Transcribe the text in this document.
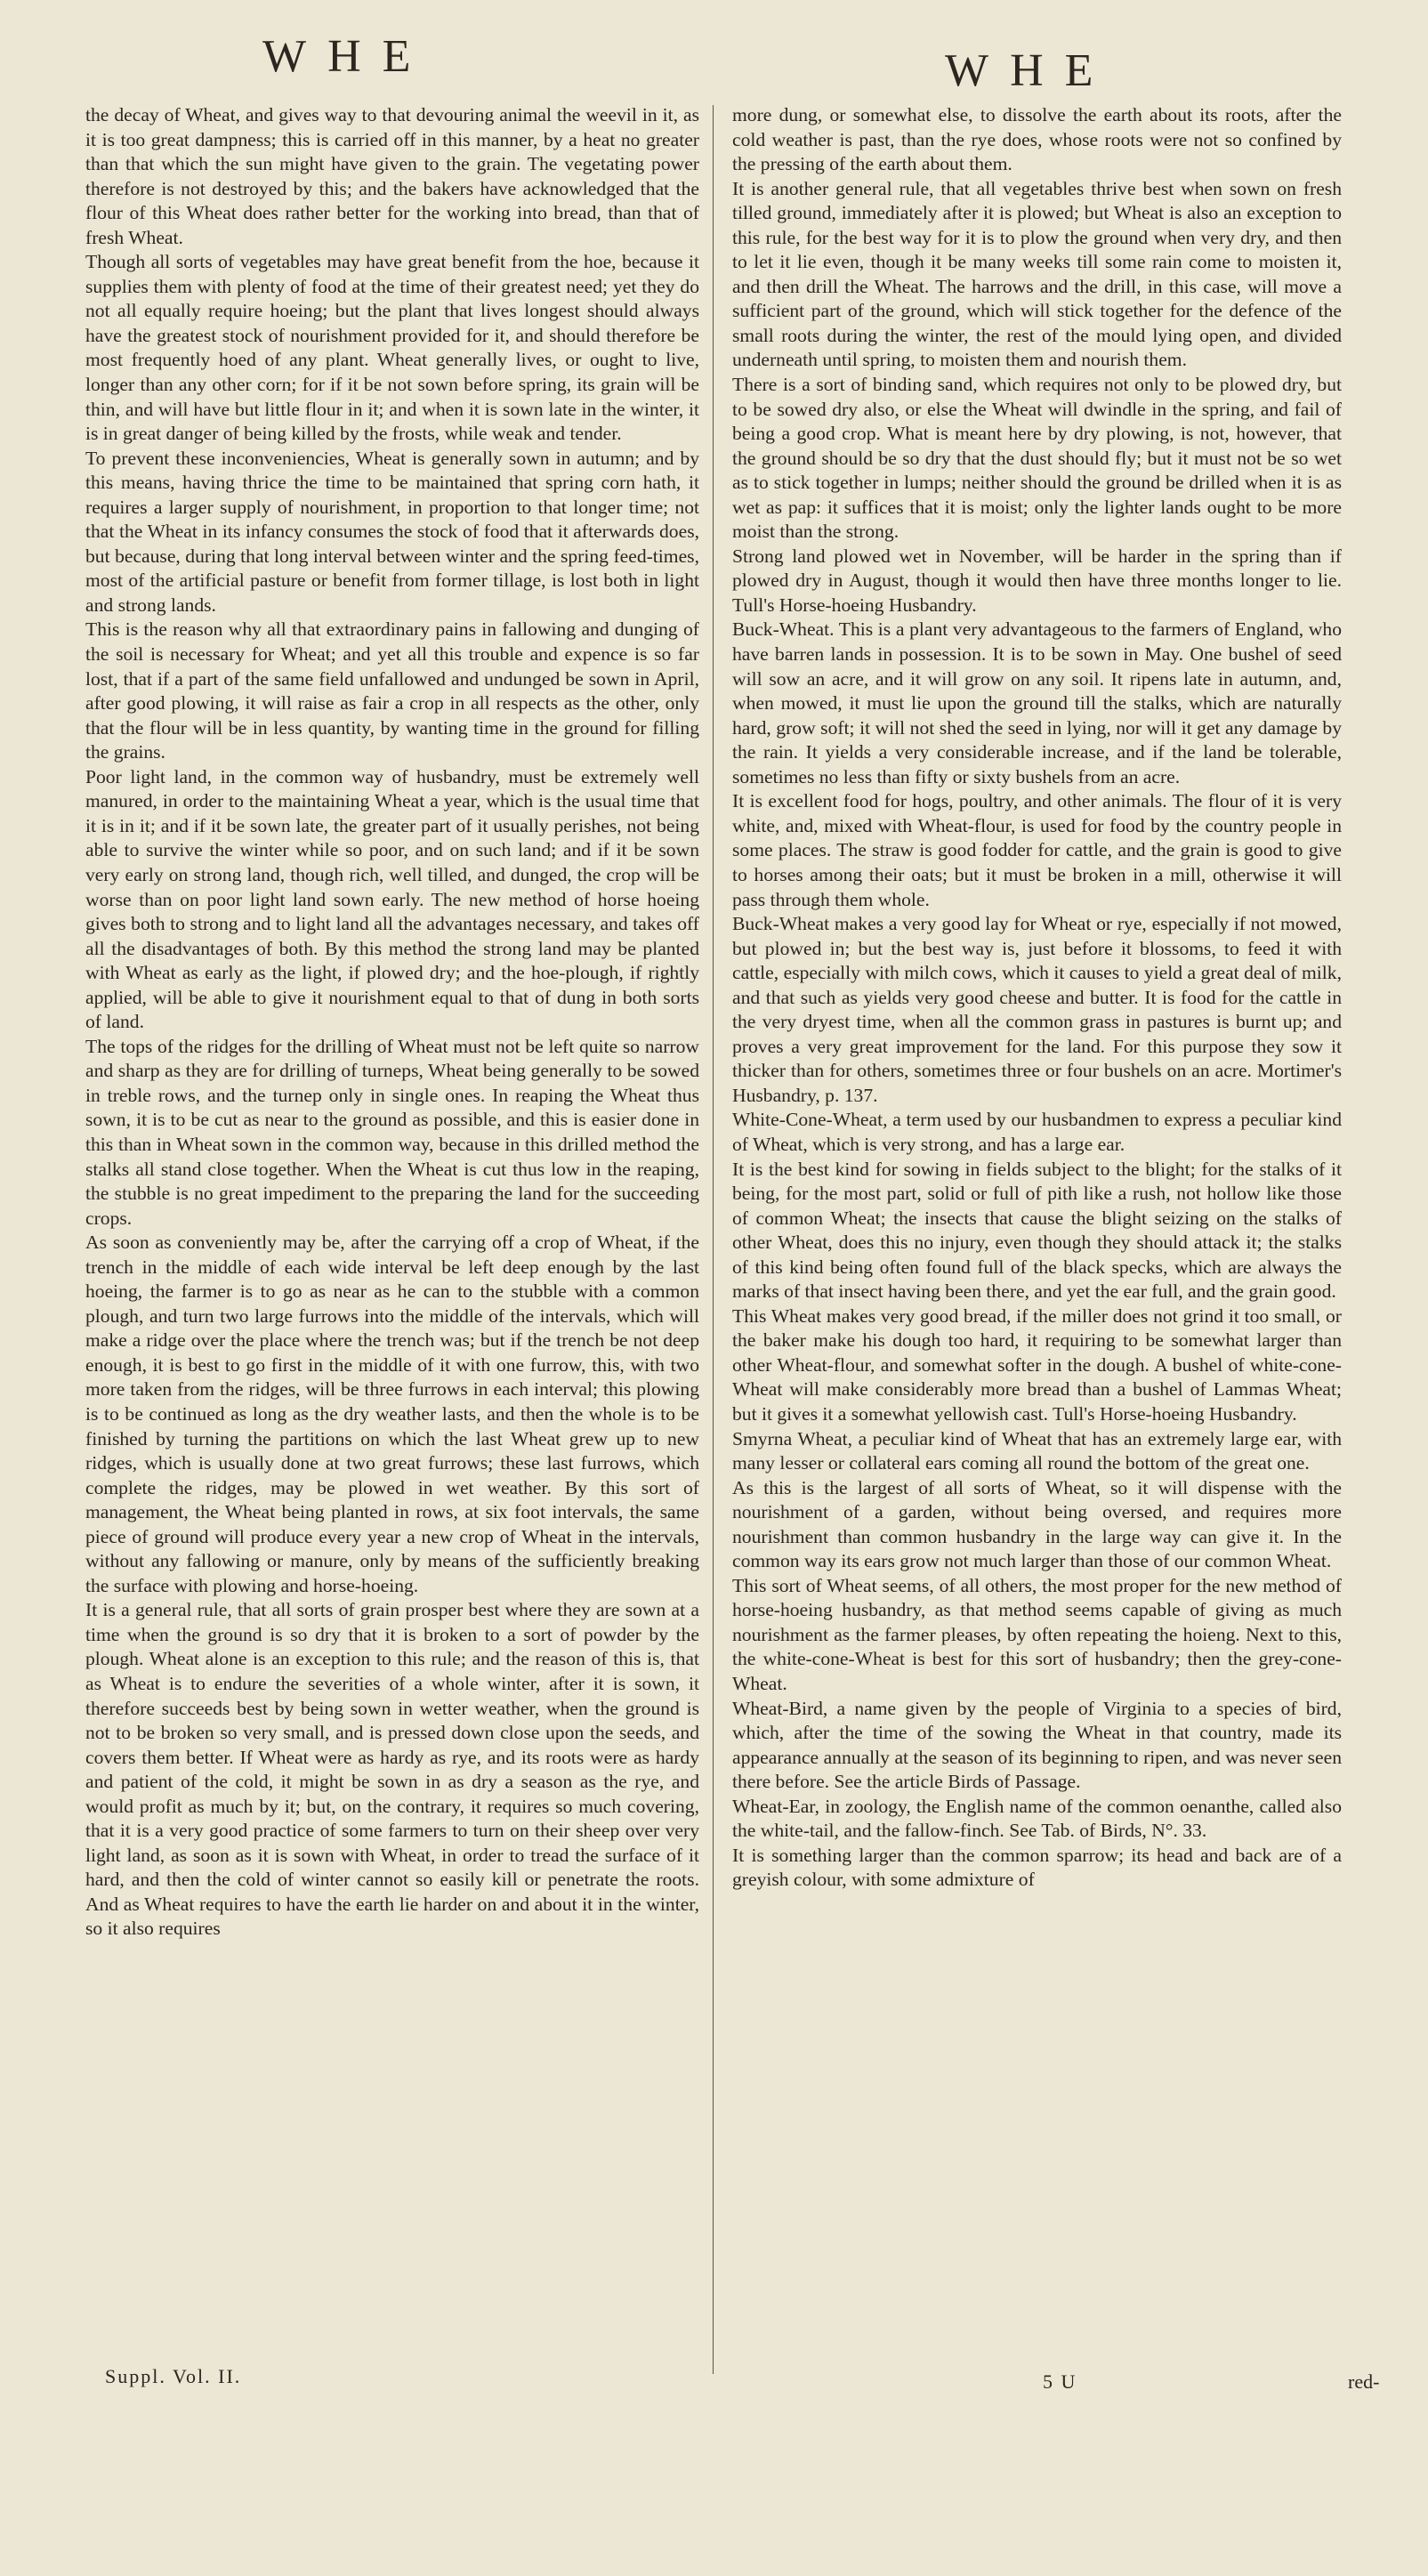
WHE	WHE

the decay of Wheat, and gives way to that devouring animal the weevil in it, as it is too great dampness; this is carried off in this manner, by a heat no greater than that which the sun might have given to the grain. The vegetating power therefore is not destroyed by this; and the bakers have acknowledged that the flour of this Wheat does rather better for the working into bread, than that of fresh Wheat.

Though all sorts of vegetables may have great benefit from the hoe, because it supplies them with plenty of food at the time of their greatest need; yet they do not all equally require hoeing; but the plant that lives longest should always have the greatest stock of nourishment provided for it, and should therefore be most frequently hoed of any plant. Wheat generally lives, or ought to live, longer than any other corn; for if it be not sown before spring, its grain will be thin, and will have but little flour in it; and when it is sown late in the winter, it is in great danger of being killed by the frosts, while weak and tender.

To prevent these inconveniencies, Wheat is generally sown in autumn; and by this means, having thrice the time to be maintained that spring corn hath, it requires a larger supply of nourishment, in proportion to that longer time; not that the Wheat in its infancy consumes the stock of food that it afterwards does, but because, during that long interval between winter and the spring feed-times, most of the artificial pasture or benefit from former tillage, is lost both in light and strong lands.

This is the reason why all that extraordinary pains in fallowing and dunging of the soil is necessary for Wheat; and yet all this trouble and expence is so far lost, that if a part of the same field unfallowed and undunged be sown in April, after good plowing, it will raise as fair a crop in all respects as the other, only that the flour will be in less quantity, by wanting time in the ground for filling the grains.

Poor light land, in the common way of husbandry, must be extremely well manured, in order to the maintaining Wheat a year, which is the usual time that it is in it; and if it be sown late, the greater part of it usually perishes, not being able to survive the winter while so poor, and on such land; and if it be sown very early on strong land, though rich, well tilled, and dunged, the crop will be worse than on poor light land sown early. The new method of horse hoeing gives both to strong and to light land all the advantages necessary, and takes off all the disadvantages of both. By this method the strong land may be planted with Wheat as early as the light, if plowed dry; and the hoe-plough, if rightly applied, will be able to give it nourishment equal to that of dung in both sorts of land.

The tops of the ridges for the drilling of Wheat must not be left quite so narrow and sharp as they are for drilling of turneps, Wheat being generally to be sowed in treble rows, and the turnep only in single ones. In reaping the Wheat thus sown, it is to be cut as near to the ground as possible, and this is easier done in this than in Wheat sown in the common way, because in this drilled method the stalks all stand close together. When the Wheat is cut thus low in the reaping, the stubble is no great impediment to the preparing the land for the succeeding crops.

As soon as conveniently may be, after the carrying off a crop of Wheat, if the trench in the middle of each wide interval be left deep enough by the last hoeing, the farmer is to go as near as he can to the stubble with a common plough, and turn two large furrows into the middle of the intervals, which will make a ridge over the place where the trench was; but if the trench be not deep enough, it is best to go first in the middle of it with one furrow, this, with two more taken from the ridges, will be three furrows in each interval; this plowing is to be continued as long as the dry weather lasts, and then the whole is to be finished by turning the partitions on which the last Wheat grew up to new ridges, which is usually done at two great furrows; these last furrows, which complete the ridges, may be plowed in wet weather. By this sort of management, the Wheat being planted in rows, at six foot intervals, the same piece of ground will produce every year a new crop of Wheat in the intervals, without any fallowing or manure, only by means of the sufficiently breaking the surface with plowing and horse-hoeing.

It is a general rule, that all sorts of grain prosper best where they are sown at a time when the ground is so dry that it is broken to a sort of powder by the plough. Wheat alone is an exception to this rule; and the reason of this is, that as Wheat is to endure the severities of a whole winter, after it is sown, it therefore succeeds best by being sown in wetter weather, when the ground is not to be broken so very small, and is pressed down close upon the seeds, and covers them better. If Wheat were as hardy as rye, and its roots were as hardy and patient of the cold, it might be sown in as dry a season as the rye, and would profit as much by it; but, on the contrary, it requires so much covering, that it is a very good practice of some farmers to turn on their sheep over very light land, as soon as it is sown with Wheat, in order to tread the surface of it hard, and then the cold of winter cannot so easily kill or penetrate the roots. And as Wheat requires to have the earth lie harder on and about it in the winter, so it also requires

more dung, or somewhat else, to dissolve the earth about its roots, after the cold weather is past, than the rye does, whose roots were not so confined by the pressing of the earth about them.

It is another general rule, that all vegetables thrive best when sown on fresh tilled ground, immediately after it is plowed; but Wheat is also an exception to this rule, for the best way for it is to plow the ground when very dry, and then to let it lie even, though it be many weeks till some rain come to moisten it, and then drill the Wheat. The harrows and the drill, in this case, will move a sufficient part of the ground, which will stick together for the defence of the small roots during the winter, the rest of the mould lying open, and divided underneath until spring, to moisten them and nourish them.

There is a sort of binding sand, which requires not only to be plowed dry, but to be sowed dry also, or else the Wheat will dwindle in the spring, and fail of being a good crop. What is meant here by dry plowing, is not, however, that the ground should be so dry that the dust should fly; but it must not be so wet as to stick together in lumps; neither should the ground be drilled when it is as wet as pap: it suffices that it is moist; only the lighter lands ought to be more moist than the strong.

Strong land plowed wet in November, will be harder in the spring than if plowed dry in August, though it would then have three months longer to lie. Tull's Horse-hoeing Husbandry.

Buck-Wheat. This is a plant very advantageous to the farmers of England, who have barren lands in possession. It is to be sown in May. One bushel of seed will sow an acre, and it will grow on any soil. It ripens late in autumn, and, when mowed, it must lie upon the ground till the stalks, which are naturally hard, grow soft; it will not shed the seed in lying, nor will it get any damage by the rain. It yields a very considerable increase, and if the land be tolerable, sometimes no less than fifty or sixty bushels from an acre.

It is excellent food for hogs, poultry, and other animals. The flour of it is very white, and, mixed with Wheat-flour, is used for food by the country people in some places. The straw is good fodder for cattle, and the grain is good to give to horses among their oats; but it must be broken in a mill, otherwise it will pass through them whole.

Buck-Wheat makes a very good lay for Wheat or rye, especially if not mowed, but plowed in; but the best way is, just before it blossoms, to feed it with cattle, especially with milch cows, which it causes to yield a great deal of milk, and that such as yields very good cheese and butter. It is food for the cattle in the very dryest time, when all the common grass in pastures is burnt up; and proves a very great improvement for the land. For this purpose they sow it thicker than for others, sometimes three or four bushels on an acre. Mortimer's Husbandry, p. 137.

White-Cone-Wheat, a term used by our husbandmen to express a peculiar kind of Wheat, which is very strong, and has a large ear.

It is the best kind for sowing in fields subject to the blight; for the stalks of it being, for the most part, solid or full of pith like a rush, not hollow like those of common Wheat; the insects that cause the blight seizing on the stalks of other Wheat, does this no injury, even though they should attack it; the stalks of this kind being often found full of the black specks, which are always the marks of that insect having been there, and yet the ear full, and the grain good.

This Wheat makes very good bread, if the miller does not grind it too small, or the baker make his dough too hard, it requiring to be somewhat larger than other Wheat-flour, and somewhat softer in the dough. A bushel of white-cone-Wheat will make considerably more bread than a bushel of Lammas Wheat; but it gives it a somewhat yellowish cast. Tull's Horse-hoeing Husbandry.

Smyrna Wheat, a peculiar kind of Wheat that has an extremely large ear, with many lesser or collateral ears coming all round the bottom of the great one.

As this is the largest of all sorts of Wheat, so it will dispense with the nourishment of a garden, without being oversed, and requires more nourishment than common husbandry in the large way can give it. In the common way its ears grow not much larger than those of our common Wheat.

This sort of Wheat seems, of all others, the most proper for the new method of horse-hoeing husbandry, as that method seems capable of giving as much nourishment as the farmer pleases, by often repeating the hoieng. Next to this, the white-cone-Wheat is best for this sort of husbandry; then the grey-cone-Wheat.

Wheat-Bird, a name given by the people of Virginia to a species of bird, which, after the time of the sowing the Wheat in that country, made its appearance annually at the season of its beginning to ripen, and was never seen there before. See the article Birds of Passage.

Wheat-Ear, in zoology, the English name of the common oenanthe, called also the white-tail, and the fallow-finch. See Tab. of Birds, N°. 33.

It is something larger than the common sparrow; its head and back are of a greyish colour, with some admixture of

Suppl. Vol. II.	5 U	red-
